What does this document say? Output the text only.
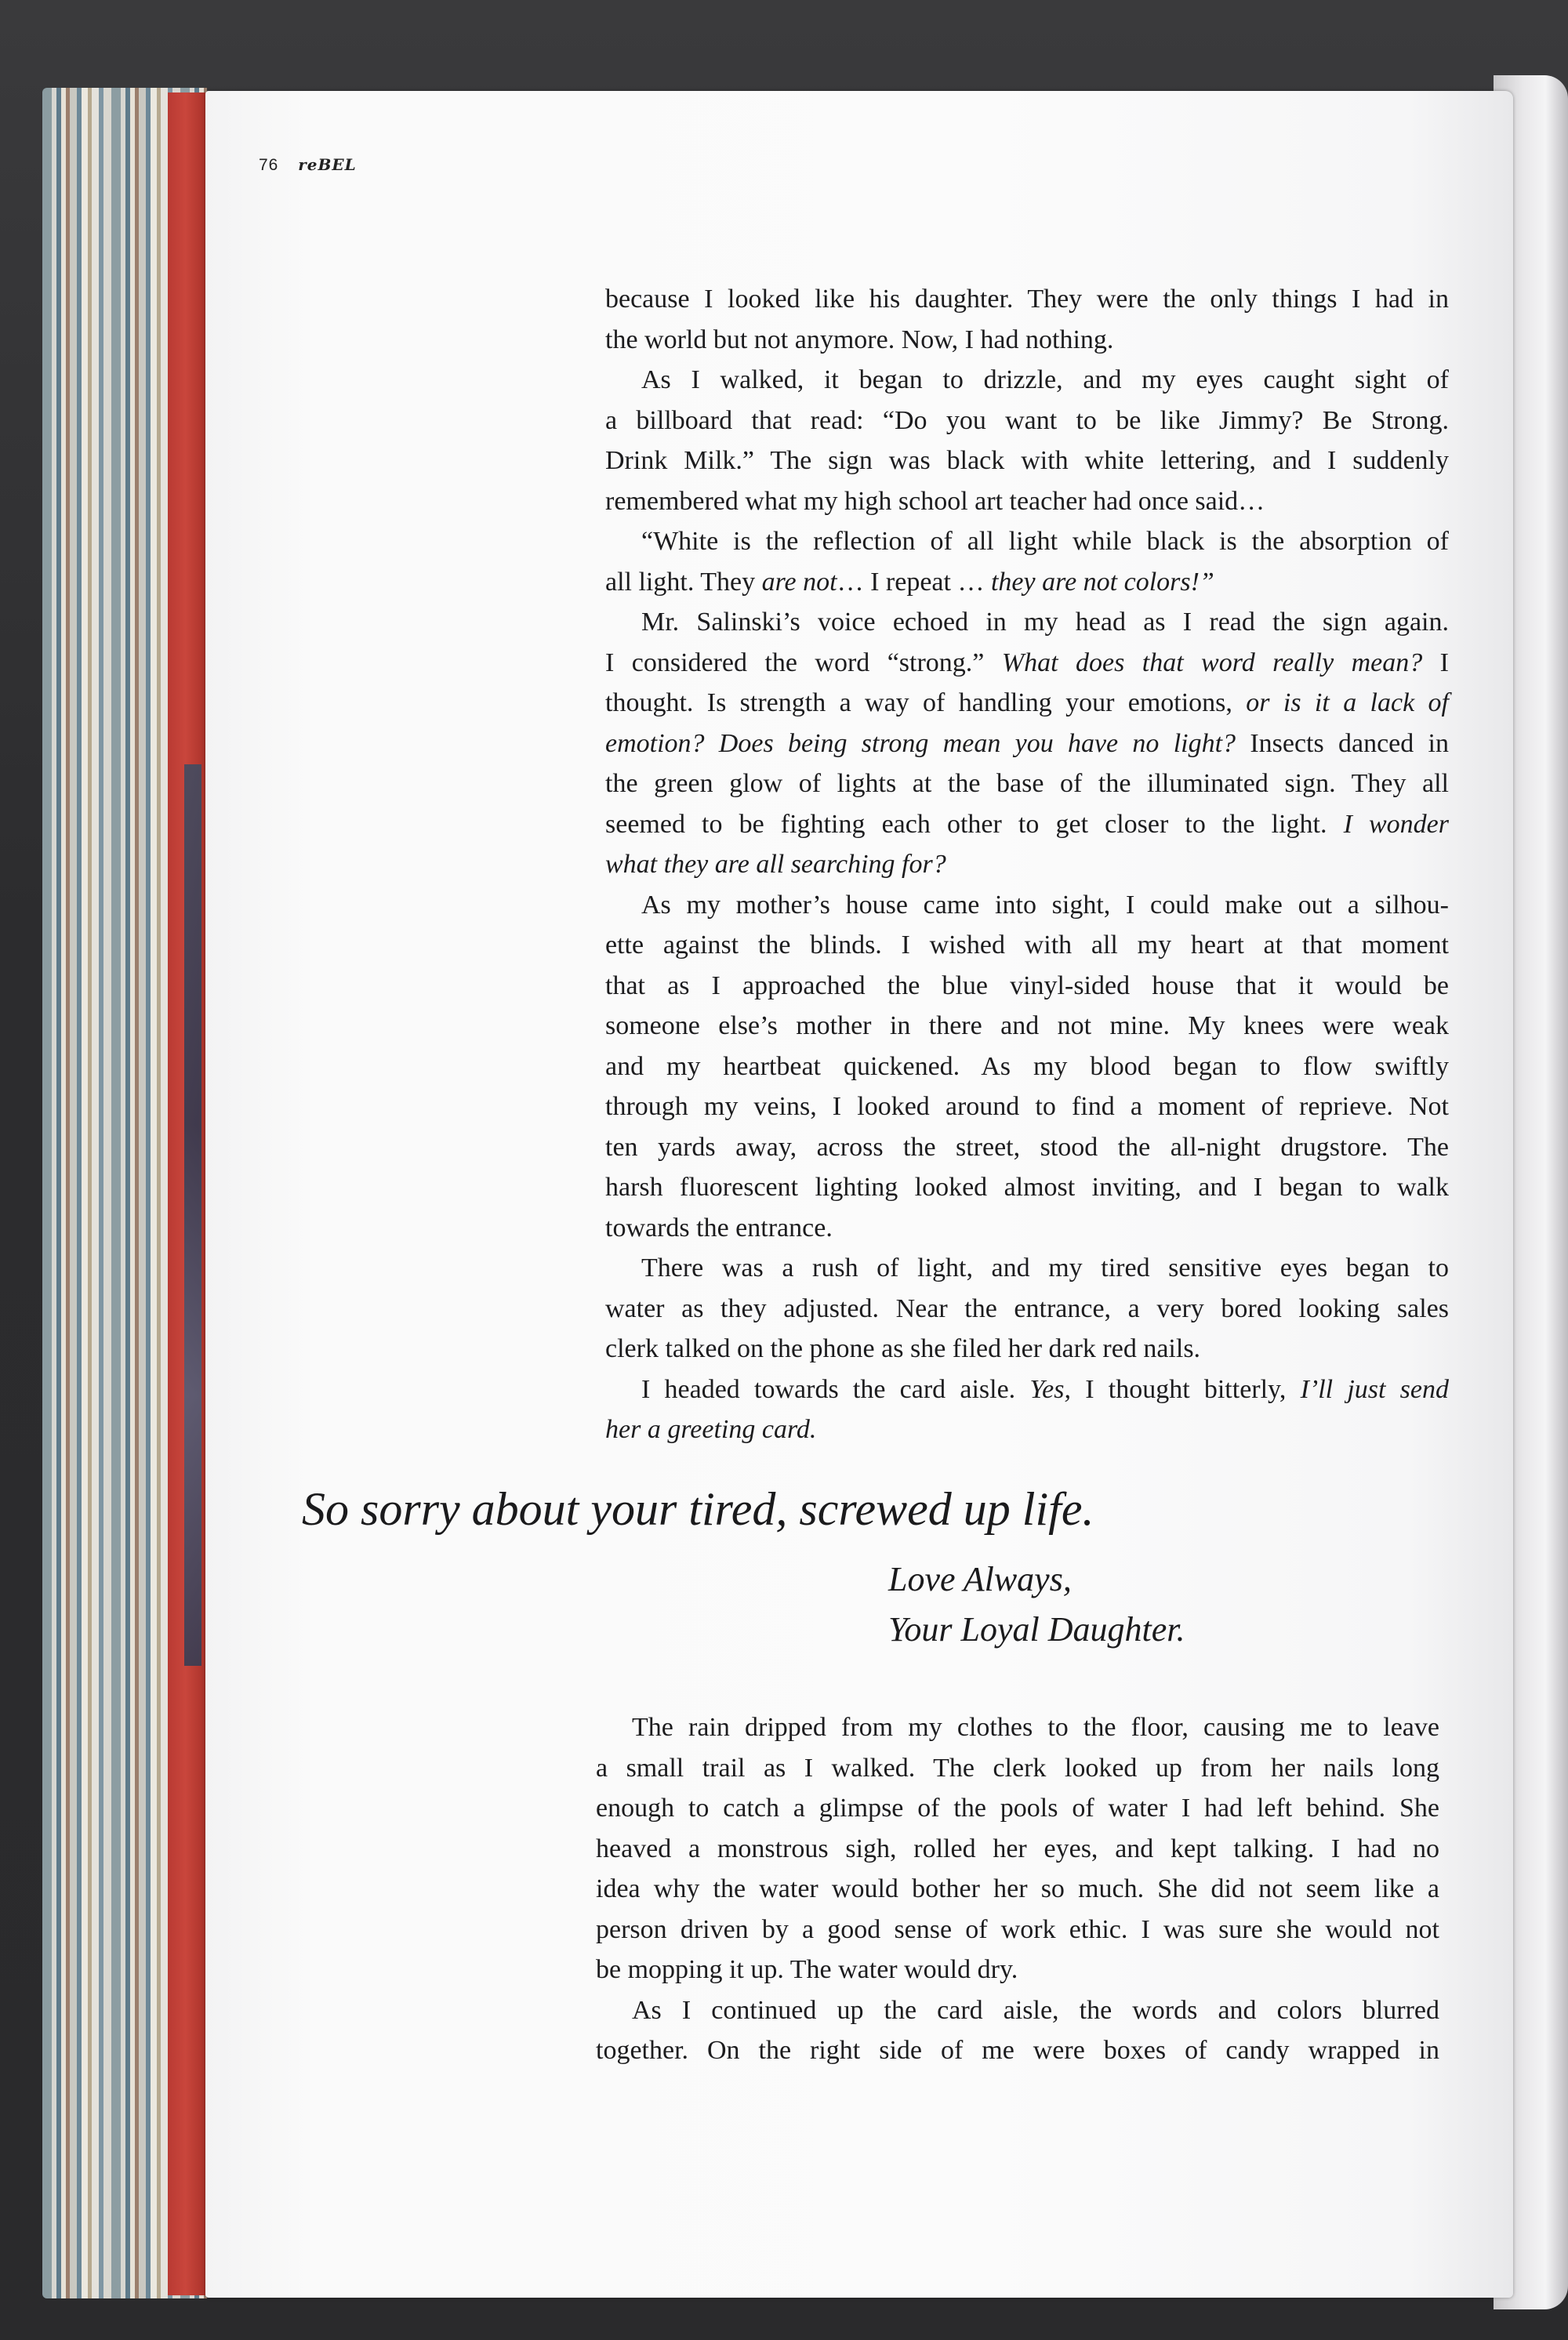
76 reBEL

because I looked like his daughter. They were the only things I had in
the world but not anymore. Now, I had nothing.

As I walked, it began to drizzle, and my eyes caught sight of
a billboard that read: “Do you want to be like Jimmy? Be Strong.
Drink Milk.” The sign was black with white lettering, and I suddenly
remembered what my high school art teacher had once said…

“White is the reflection of all light while black is the absorption of
all light. They are not… I repeat … they are not colors!”

Mr. Salinski’s voice echoed in my head as I read the sign again.
I considered the word “strong.” What does that word really mean? I
thought. Is strength a way of handling your emotions, or is it a lack of
emotion? Does being strong mean you have no light? Insects danced in
the green glow of lights at the base of the illuminated sign. They all
seemed to be fighting each other to get closer to the light. I wonder
what they are all searching for?

As my mother’s house came into sight, I could make out a silhou-
ette against the blinds. I wished with all my heart at that moment
that as I approached the blue vinyl-sided house that it would be
someone else’s mother in there and not mine. My knees were weak
and my heartbeat quickened. As my blood began to flow swiftly
through my veins, I looked around to find a moment of reprieve. Not
ten yards away, across the street, stood the all-night drugstore. The
harsh fluorescent lighting looked almost inviting, and I began to walk
towards the entrance.

There was a rush of light, and my tired sensitive eyes began to
water as they adjusted. Near the entrance, a very bored looking sales
clerk talked on the phone as she filed her dark red nails.

I headed towards the card aisle. Yes, I thought bitterly, I’ll just send
her a greeting card.

So sorry about your tired, screwed up life.
Love Always,
Your Loyal Daughter.

The rain dripped from my clothes to the floor, causing me to leave
a small trail as I walked. The clerk looked up from her nails long
enough to catch a glimpse of the pools of water I had left behind. She
heaved a monstrous sigh, rolled her eyes, and kept talking. I had no
idea why the water would bother her so much. She did not seem like a
person driven by a good sense of work ethic. I was sure she would not
be mopping it up. The water would dry.

As I continued up the card aisle, the words and colors blurred
together. On the right side of me were boxes of candy wrapped in
